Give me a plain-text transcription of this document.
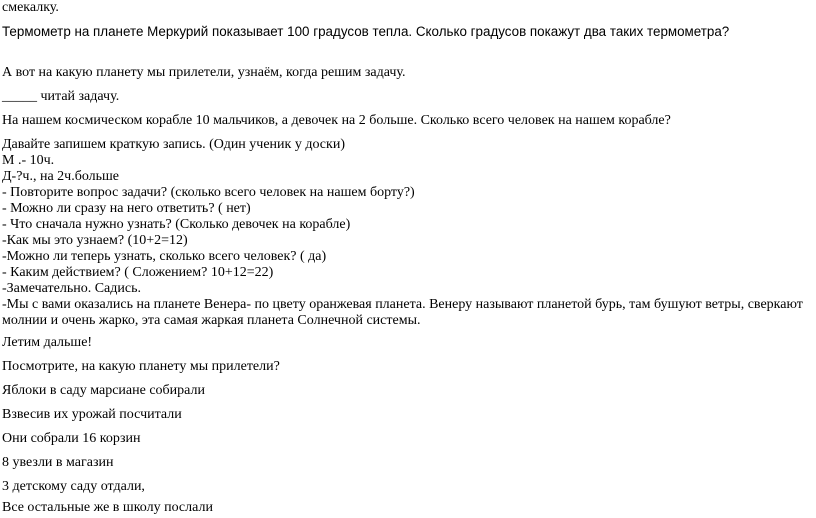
смекалку.
Термометр на планете Меркурий показывает 100 градусов тепла. Сколько градусов покажут два таких термометра?
А вот на какую планету мы прилетели, узнаём, когда решим задачу.
_____ читай задачу.
На нашем космическом корабле 10 мальчиков, а девочек на 2 больше. Сколько всего человек на нашем корабле?
Давайте запишем краткую запись. (Один ученик у доски)
М .- 10ч.
Д-?ч., на 2ч.больше
- Повторите вопрос задачи? (сколько всего человек на нашем борту?)
- Можно ли сразу на него ответить? ( нет)
- Что сначала нужно узнать? (Сколько девочек на корабле)
-Как мы это узнаем? (10+2=12)
-Можно ли теперь узнать, сколько всего человек? ( да)
- Каким действием? ( Сложением? 10+12=22)
-Замечательно. Садись.
-Мы с вами оказались на планете Венера- по цвету оранжевая планета. Венеру называют планетой бурь, там бушуют ветры, сверкают молнии и очень жарко, эта самая жаркая планета Солнечной системы.
Летим дальше!
Посмотрите, на какую планету мы прилетели?
Яблоки в саду марсиане собирали
Взвесив их урожай посчитали
Они собрали 16 корзин
8 увезли в магазин
3 детскому саду отдали,
Все остальные же в школу послали
